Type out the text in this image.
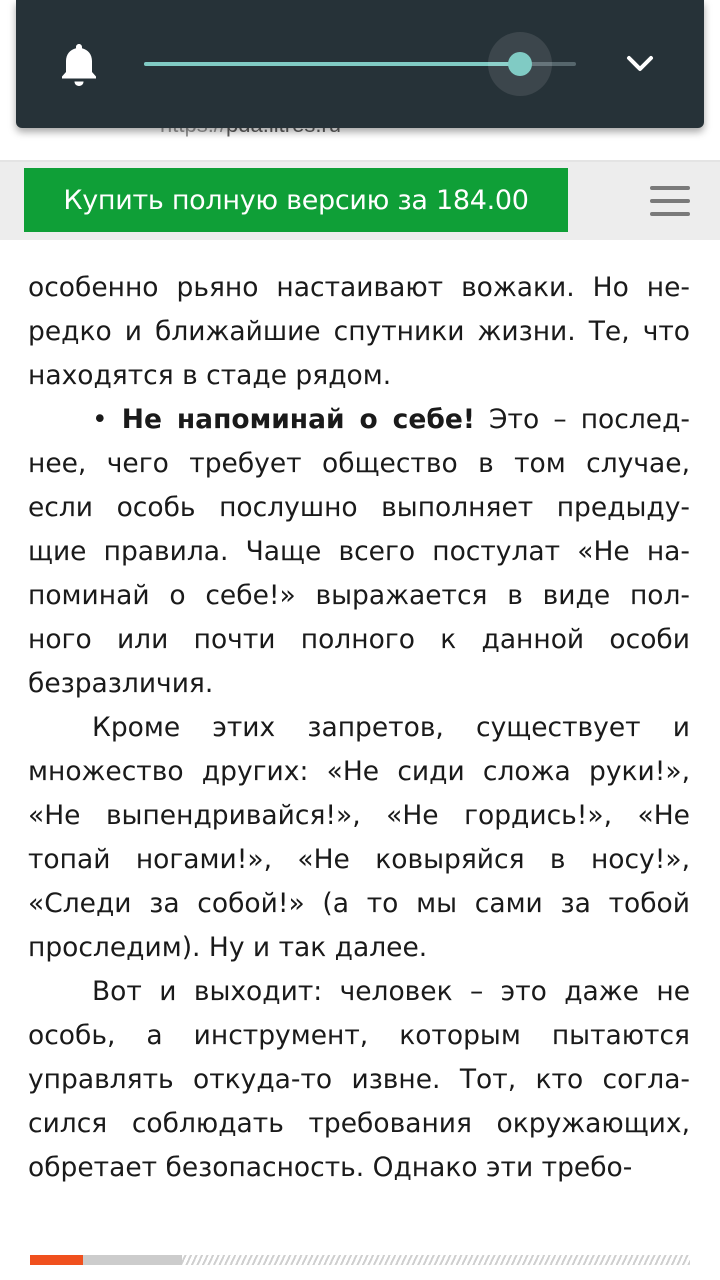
Купить полную версию за 184.00

особенно рьяно настаивают вожаки. Но не- редко и ближайшие спутники жизни. Те, что находятся в стаде рядом.

• Не напоминай о себе! Это – послед- нее, чего требует общество в том случае, если особь послушно выполняет предыду- щие правила. Чаще всего постулат «Не на- поминай о себе!» выражается в виде пол- ного или почти полного к данной особи безразличия.

Кроме этих запретов, существует и множество других: «Не сиди сложа руки!», «Не выпендривайся!», «Не гордись!», «Не топай ногами!», «Не ковыряйся в носу!», «Следи за собой!» (а то мы сами за тобой проследим). Ну и так далее.

Вот и выходит: человек – это даже не особь, а инструмент, которым пытаются управлять откуда-то извне. Тот, кто согла- сился соблюдать требования окружающих, обретает безопасность. Однако эти требо-
